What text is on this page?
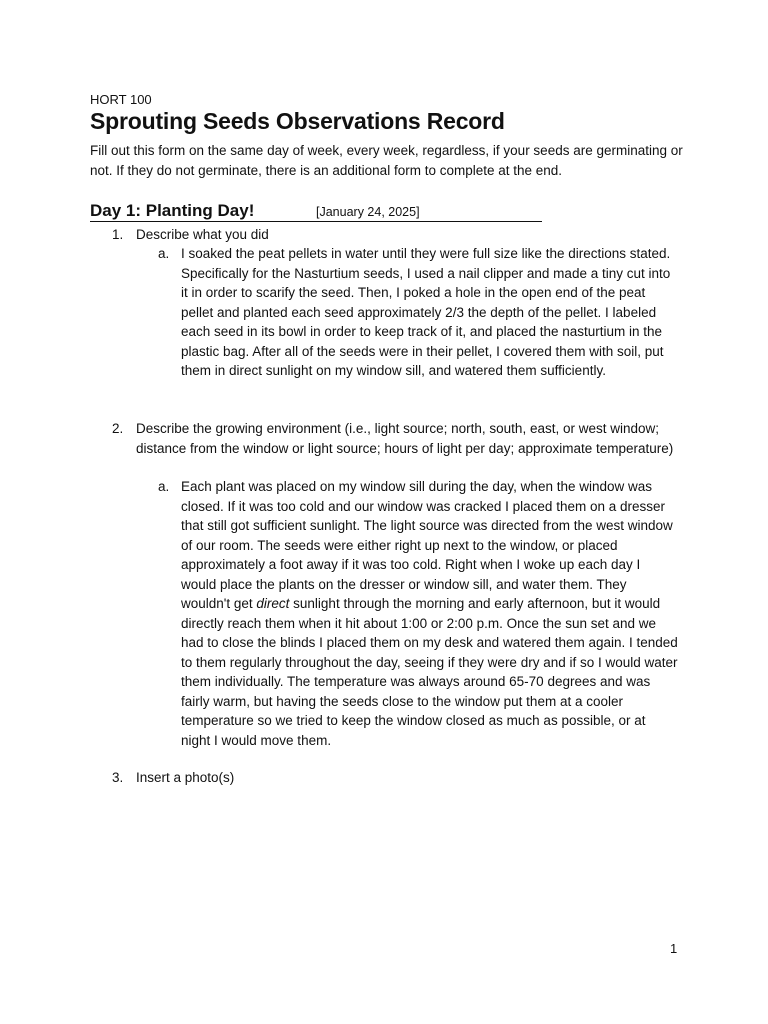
HORT 100
Sprouting Seeds Observations Record
Fill out this form on the same day of week, every week, regardless, if your seeds are germinating or not. If they do not germinate, there is an additional form to complete at the end.
Day 1: Planting Day!	[January 24, 2025]
1. Describe what you did
a. I soaked the peat pellets in water until they were full size like the directions stated. Specifically for the Nasturtium seeds, I used a nail clipper and made a tiny cut into it in order to scarify the seed. Then, I poked a hole in the open end of the peat pellet and planted each seed approximately 2/3 the depth of the pellet. I labeled each seed in its bowl in order to keep track of it, and placed the nasturtium in the plastic bag. After all of the seeds were in their pellet, I covered them with soil, put them in direct sunlight on my window sill, and watered them sufficiently.
2. Describe the growing environment (i.e., light source; north, south, east, or west window; distance from the window or light source; hours of light per day; approximate temperature)
a. Each plant was placed on my window sill during the day, when the window was closed. If it was too cold and our window was cracked I placed them on a dresser that still got sufficient sunlight. The light source was directed from the west window of our room. The seeds were either right up next to the window, or placed approximately a foot away if it was too cold. Right when I woke up each day I would place the plants on the dresser or window sill, and water them. They wouldn't get direct sunlight through the morning and early afternoon, but it would directly reach them when it hit about 1:00 or 2:00 p.m. Once the sun set and we had to close the blinds I placed them on my desk and watered them again. I tended to them regularly throughout the day, seeing if they were dry and if so I would water them individually. The temperature was always around 65-70 degrees and was fairly warm, but having the seeds close to the window put them at a cooler temperature so we tried to keep the window closed as much as possible, or at night I would move them.
3. Insert a photo(s)
1
